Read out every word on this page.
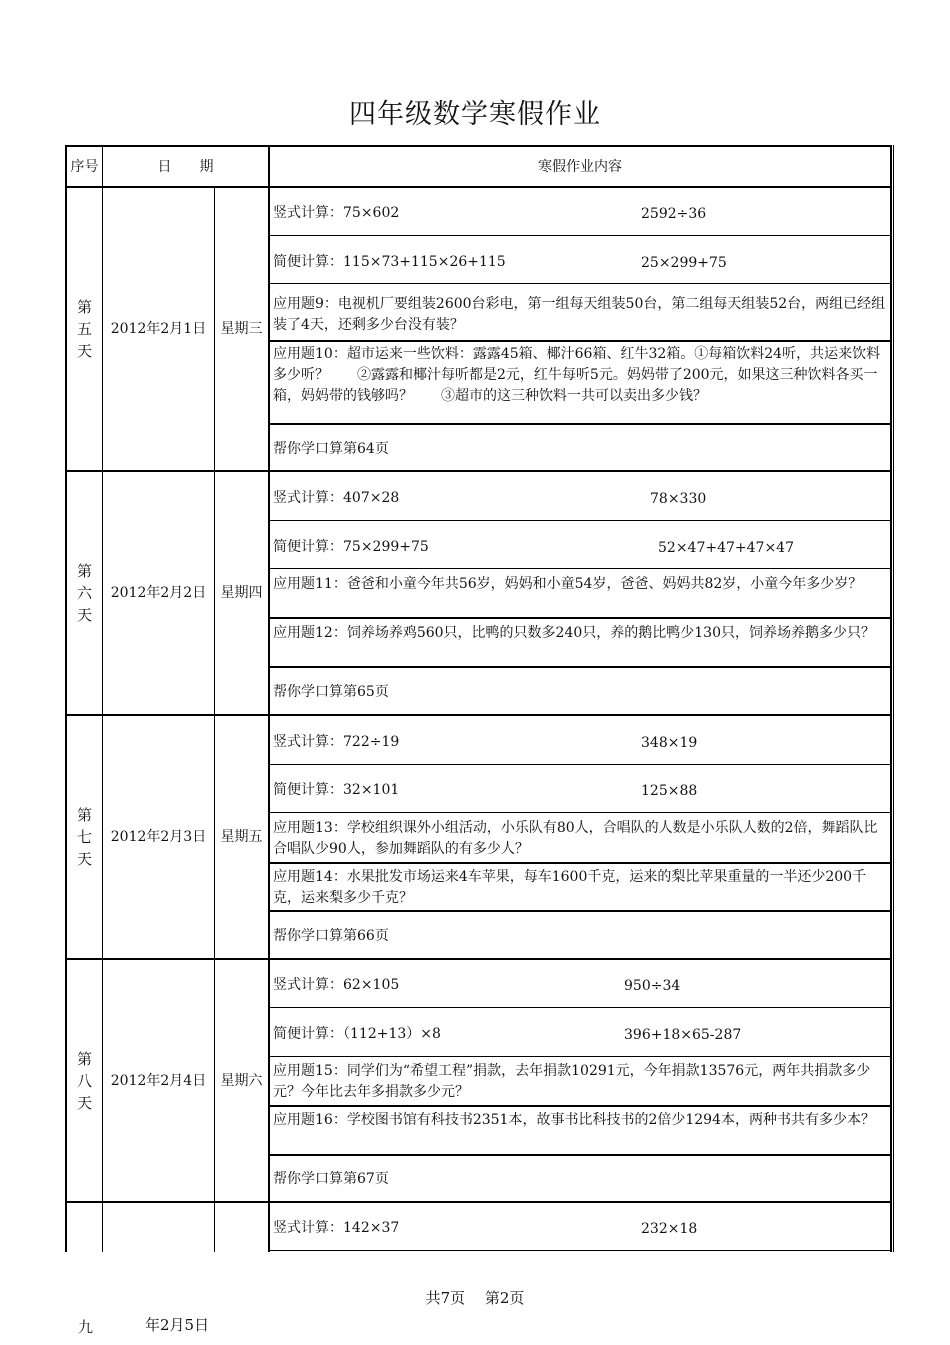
四年级数学寒假作业
序号	日　　期	寒假作业内容
第
五
天
2012年2月1日	星期三
竖式计算：75×602	2592÷36
简便计算：115×73+115×26+115	25×299+75
应用题9：电视机厂要组装2600台彩电，第一组每天组装50台，第二组每天组装52台，两组已经组装了4天，还剩多少台没有装？
应用题10：超市运来一些饮料：露露45箱、椰汁66箱、红牛32箱。①每箱饮料24听，共运来饮料多少听？　　②露露和椰汁每听都是2元，红牛每听5元。妈妈带了200元，如果这三种饮料各买一箱，妈妈带的钱够吗？　　③超市的这三种饮料一共可以卖出多少钱？
帮你学口算第64页
第
六
天
2012年2月2日	星期四
竖式计算：407×28	78×330
简便计算：75×299+75	52×47+47+47×47
应用题11：爸爸和小童今年共56岁，妈妈和小童54岁，爸爸、妈妈共82岁，小童今年多少岁？
应用题12：饲养场养鸡560只，比鸭的只数多240只，养的鹅比鸭少130只，饲养场养鹅多少只？
帮你学口算第65页
第
七
天
2012年2月3日	星期五
竖式计算：722÷19	348×19
简便计算：32×101	125×88
应用题13：学校组织课外小组活动，小乐队有80人，合唱队的人数是小乐队人数的2倍，舞蹈队比合唱队少90人，参加舞蹈队的有多少人？
应用题14：水果批发市场运来4车苹果，每车1600千克，运来的梨比苹果重量的一半还少200千克，运来梨多少千克？
帮你学口算第66页
第
八
天
2012年2月4日	星期六
竖式计算：62×105	950÷34
简便计算：（112+13）×8	396+18×65-287
应用题15：同学们为“希望工程”捐款，去年捐款10291元，今年捐款13576元，两年共捐款多少元？今年比去年多捐款多少元？
应用题16：学校图书馆有科技书2351本，故事书比科技书的2倍少1294本，两种书共有多少本？
帮你学口算第67页
竖式计算：142×37	232×18
共7页　 第2页
九	年2月5日
